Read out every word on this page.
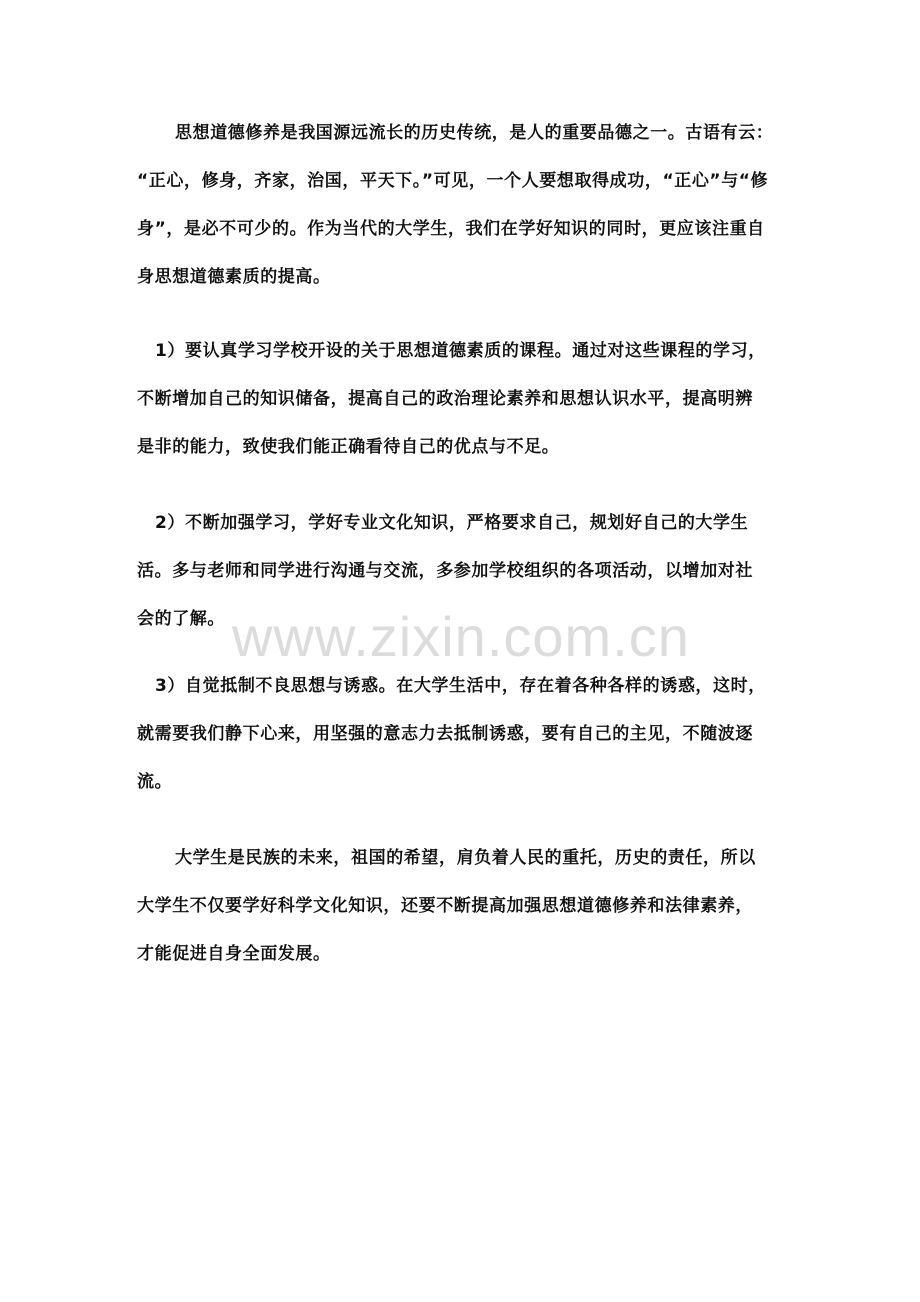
思想道德修养是我国源远流长的历史传统，是人的重要品德之一。古语有云：
“正心，修身，齐家，治国，平天下。”可见，一个人要想取得成功，“正心”与“修
身”，是必不可少的。作为当代的大学生，我们在学好知识的同时，更应该注重自
身思想道德素质的提高。
1）要认真学习学校开设的关于思想道德素质的课程。通过对这些课程的学习，
不断增加自己的知识储备，提高自己的政治理论素养和思想认识水平，提高明辨
是非的能力，致使我们能正确看待自己的优点与不足。
2）不断加强学习，学好专业文化知识，严格要求自己，规划好自己的大学生
活。多与老师和同学进行沟通与交流，多参加学校组织的各项活动，以增加对社
会的了解。
3）自觉抵制不良思想与诱惑。在大学生活中，存在着各种各样的诱惑，这时，
就需要我们静下心来，用坚强的意志力去抵制诱惑，要有自己的主见，不随波逐
流。
大学生是民族的未来，祖国的希望，肩负着人民的重托，历史的责任，所以
大学生不仅要学好科学文化知识，还要不断提高加强思想道德修养和法律素养，
才能促进自身全面发展。
www.zixin.com.cn
